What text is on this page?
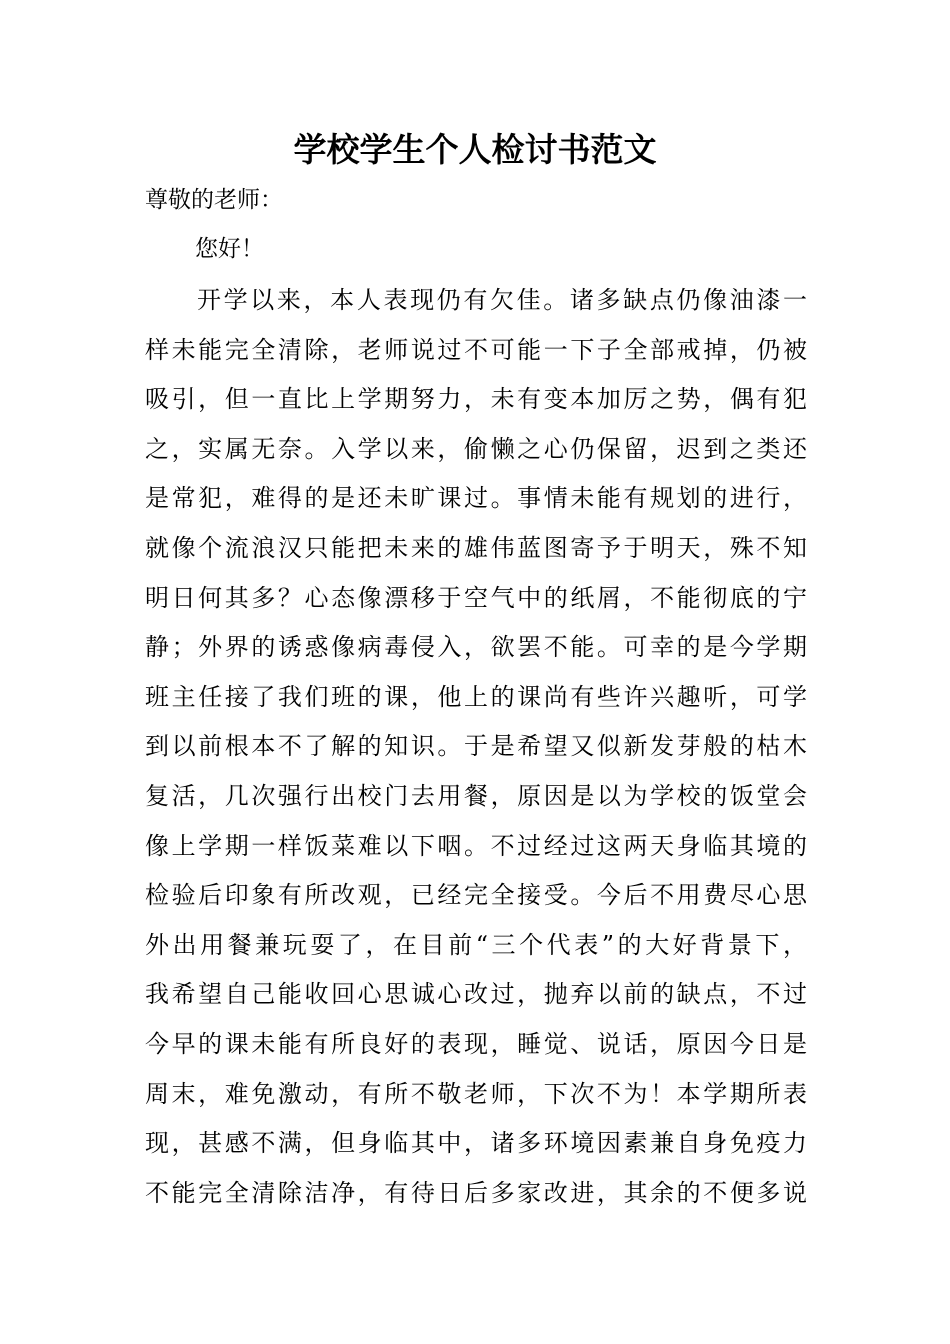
学校学生个人检讨书范文

尊敬的老师：

您好！

开学以来，本人表现仍有欠佳。诸多缺点仍像油漆一
样未能完全清除，老师说过不可能一下子全部戒掉，仍被
吸引，但一直比上学期努力，未有变本加厉之势，偶有犯
之，实属无奈。入学以来，偷懒之心仍保留，迟到之类还
是常犯，难得的是还未旷课过。事情未能有规划的进行，
就像个流浪汉只能把未来的雄伟蓝图寄予于明天，殊不知
明日何其多？心态像漂移于空气中的纸屑，不能彻底的宁
静；外界的诱惑像病毒侵入，欲罢不能。可幸的是今学期
班主任接了我们班的课，他上的课尚有些许兴趣听，可学
到以前根本不了解的知识。于是希望又似新发芽般的枯木
复活，几次强行出校门去用餐，原因是以为学校的饭堂会
像上学期一样饭菜难以下咽。不过经过这两天身临其境的
检验后印象有所改观，已经完全接受。今后不用费尽心思
外出用餐兼玩耍了，在目前“三个代表”的大好背景下，
我希望自己能收回心思诚心改过，抛弃以前的缺点，不过
今早的课未能有所良好的表现，睡觉、说话，原因今日是
周末，难免激动，有所不敬老师，下次不为！本学期所表
现，甚感不满，但身临其中，诸多环境因素兼自身免疫力
不能完全清除洁净，有待日后多家改进，其余的不便多说
